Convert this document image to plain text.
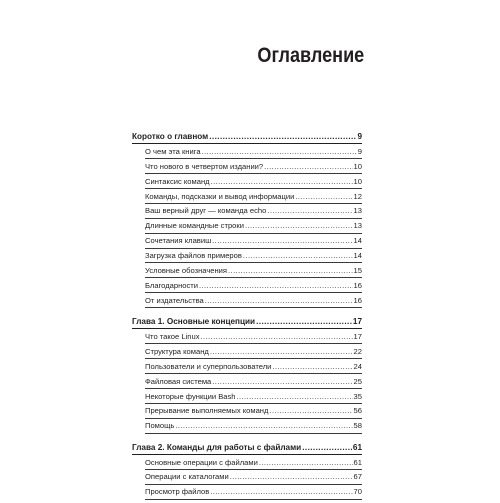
Оглавление
Коротко о главном .....	9
О чем эта книга .....	9
Что нового в четвертом издании? .....	10
Синтаксис команд .....	10
Команды, подсказки и вывод информации .....	12
Ваш верный друг — команда echo .....	13
Длинные командные строки .....	13
Сочетания клавиш .....	14
Загрузка файлов примеров .....	14
Условные обозначения .....	15
Благодарности .....	16
От издательства .....	16
Глава 1. Основные концепции .....	17
Что такое Linux .....	17
Структура команд .....	22
Пользователи и суперпользователи .....	24
Файловая система .....	25
Некоторые функции Bash .....	35
Прерывание выполняемых команд .....	56
Помощь .....	58
Глава 2. Команды для работы с файлами .....	61
Основные операции с файлами .....	61
Операции с каталогами .....	67
Просмотр файлов .....	70
